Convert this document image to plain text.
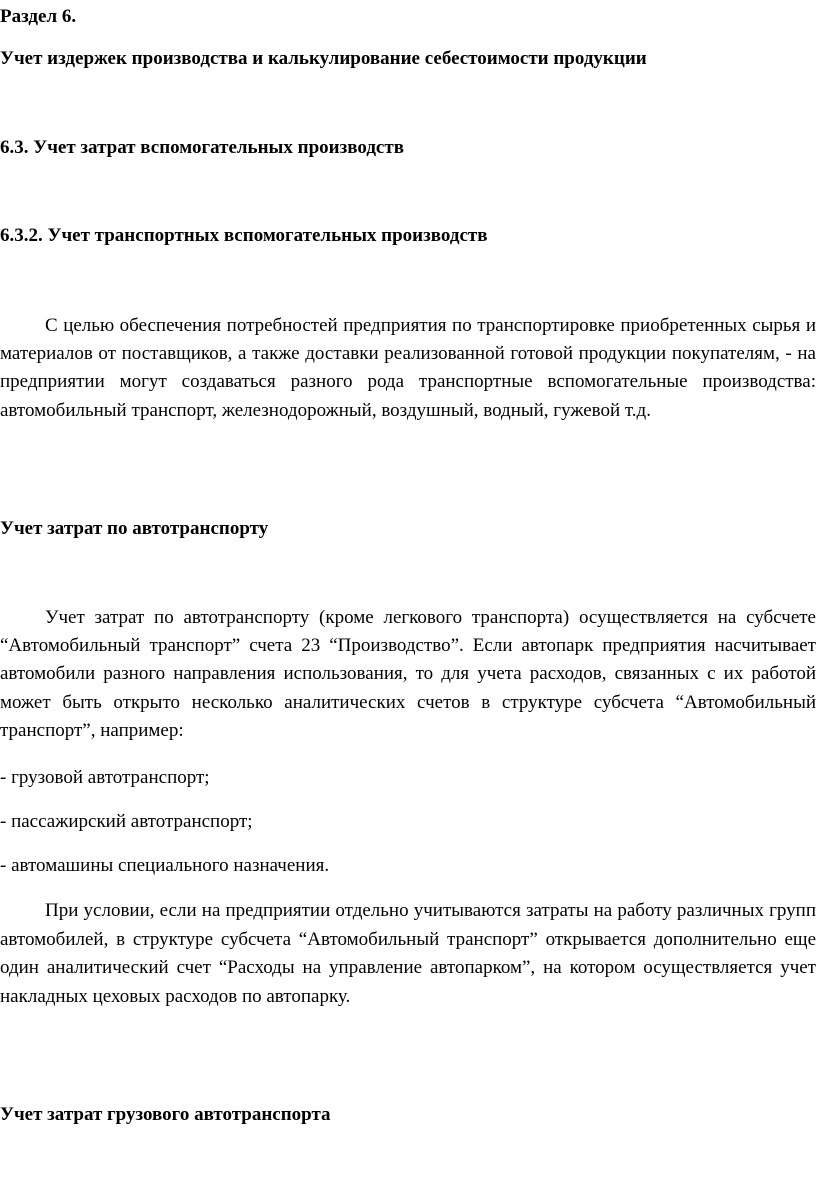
Раздел 6.

Учет издержек производства и калькулирование себестоимости продукции

6.3. Учет затрат вспомогательных производств

6.3.2. Учет транспортных вспомогательных производств

С целью обеспечения потребностей предприятия по транспортировке приобретенных сырья и материалов от поставщиков, а также доставки реализованной готовой продукции покупателям, - на предприятии могут создаваться разного рода транспортные вспомогательные производства: автомобильный транспорт, железнодорожный, воздушный, водный, гужевой т.д.

Учет затрат по автотранспорту

Учет затрат по автотранспорту (кроме легкового транспорта) осуществляется на субсчете “Автомобильный транспорт” счета 23 “Производство”. Если автопарк предприятия насчитывает автомобили разного направления использования, то для учета расходов, связанных с их работой может быть открыто несколько аналитических счетов в структуре субсчета “Автомобильный транспорт”, например:

- грузовой автотранспорт;

- пассажирский автотранспорт;

- автомашины специального назначения.

При условии, если на предприятии отдельно учитываются затраты на работу различных групп автомобилей, в структуре субсчета “Автомобильный транспорт” открывается дополнительно еще один аналитический счет “Расходы на управление автопарком”, на котором осуществляется учет накладных цеховых расходов по автопарку.

Учет затрат грузового автотранспорта
